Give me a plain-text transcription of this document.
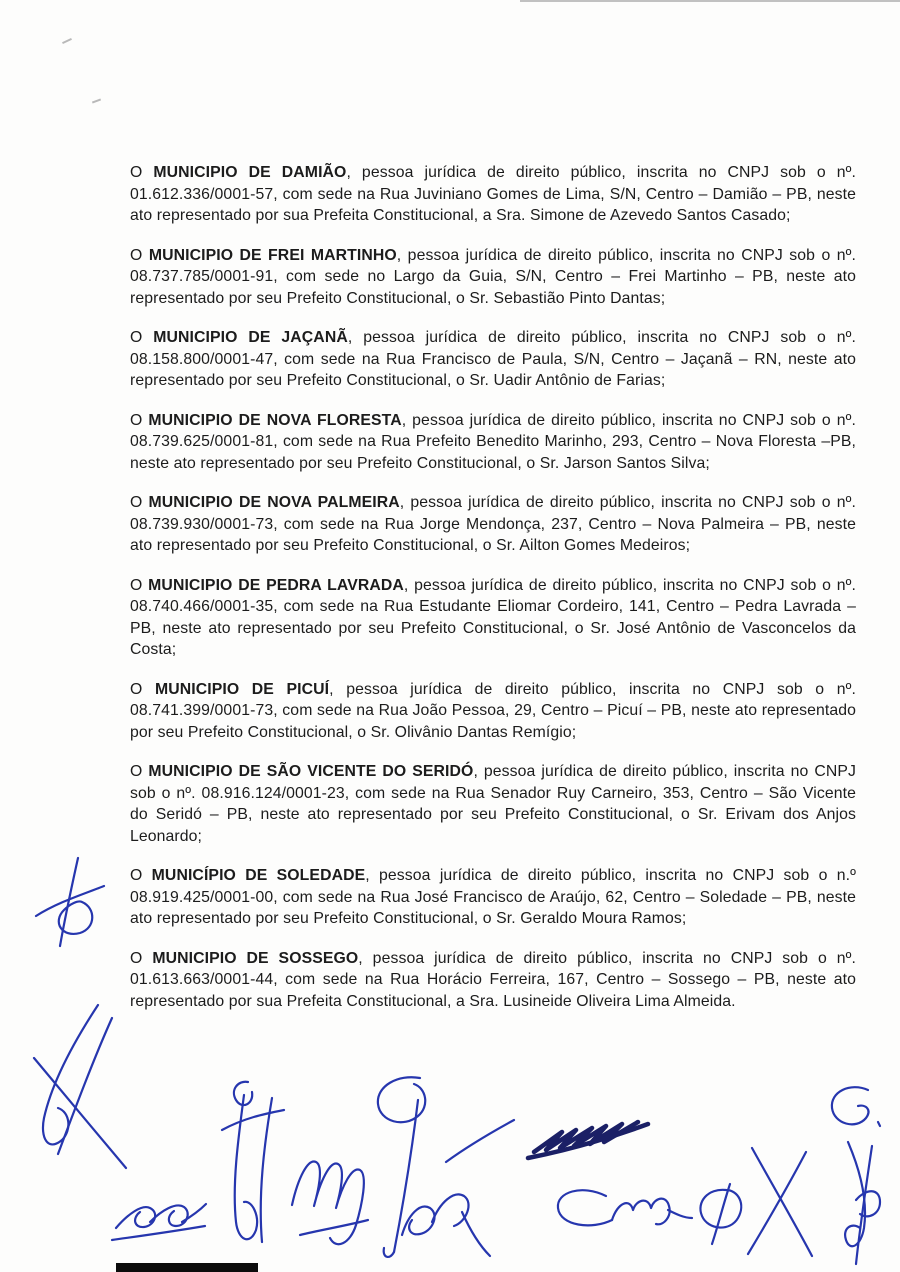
O MUNICIPIO DE DAMIÃO, pessoa jurídica de direito público, inscrita no CNPJ sob o nº. 01.612.336/0001-57, com sede na Rua Juviniano Gomes de Lima, S/N, Centro – Damião – PB, neste ato representado por sua Prefeita Constitucional, a Sra. Simone de Azevedo Santos Casado;

O MUNICIPIO DE FREI MARTINHO, pessoa jurídica de direito público, inscrita no CNPJ sob o nº. 08.737.785/0001-91, com sede no Largo da Guia, S/N, Centro – Frei Martinho – PB, neste ato representado por seu Prefeito Constitucional, o Sr. Sebastião Pinto Dantas;

O MUNICIPIO DE JAÇANÃ, pessoa jurídica de direito público, inscrita no CNPJ sob o nº. 08.158.800/0001-47, com sede na Rua Francisco de Paula, S/N, Centro – Jaçanã – RN, neste ato representado por seu Prefeito Constitucional, o Sr. Uadir Antônio de Farias;

O MUNICIPIO DE NOVA FLORESTA, pessoa jurídica de direito público, inscrita no CNPJ sob o nº. 08.739.625/0001-81, com sede na Rua Prefeito Benedito Marinho, 293, Centro – Nova Floresta –PB, neste ato representado por seu Prefeito Constitucional, o Sr. Jarson Santos Silva;

O MUNICIPIO DE NOVA PALMEIRA, pessoa jurídica de direito público, inscrita no CNPJ sob o nº. 08.739.930/0001-73, com sede na Rua Jorge Mendonça, 237, Centro – Nova Palmeira – PB, neste ato representado por seu Prefeito Constitucional, o Sr. Ailton Gomes Medeiros;

O MUNICIPIO DE PEDRA LAVRADA, pessoa jurídica de direito público, inscrita no CNPJ sob o nº. 08.740.466/0001-35, com sede na Rua Estudante Eliomar Cordeiro, 141, Centro – Pedra Lavrada – PB, neste ato representado por seu Prefeito Constitucional, o Sr. José Antônio de Vasconcelos da Costa;

O MUNICIPIO DE PICUÍ, pessoa jurídica de direito público, inscrita no CNPJ sob o nº. 08.741.399/0001-73, com sede na Rua João Pessoa, 29, Centro – Picuí – PB, neste ato representado por seu Prefeito Constitucional, o Sr. Olivânio Dantas Remígio;

O MUNICIPIO DE SÃO VICENTE DO SERIDÓ, pessoa jurídica de direito público, inscrita no CNPJ sob o nº. 08.916.124/0001-23, com sede na Rua Senador Ruy Carneiro, 353, Centro – São Vicente do Seridó – PB, neste ato representado por seu Prefeito Constitucional, o Sr. Erivam dos Anjos Leonardo;

O MUNICÍPIO DE SOLEDADE, pessoa jurídica de direito público, inscrita no CNPJ sob o n.º 08.919.425/0001-00, com sede na Rua José Francisco de Araújo, 62, Centro – Soledade – PB, neste ato representado por seu Prefeito Constitucional, o Sr. Geraldo Moura Ramos;

O MUNICIPIO DE SOSSEGO, pessoa jurídica de direito público, inscrita no CNPJ sob o nº. 01.613.663/0001-44, com sede na Rua Horácio Ferreira, 167, Centro – Sossego – PB, neste ato representado por sua Prefeita Constitucional, a Sra. Lusineide Oliveira Lima Almeida.
